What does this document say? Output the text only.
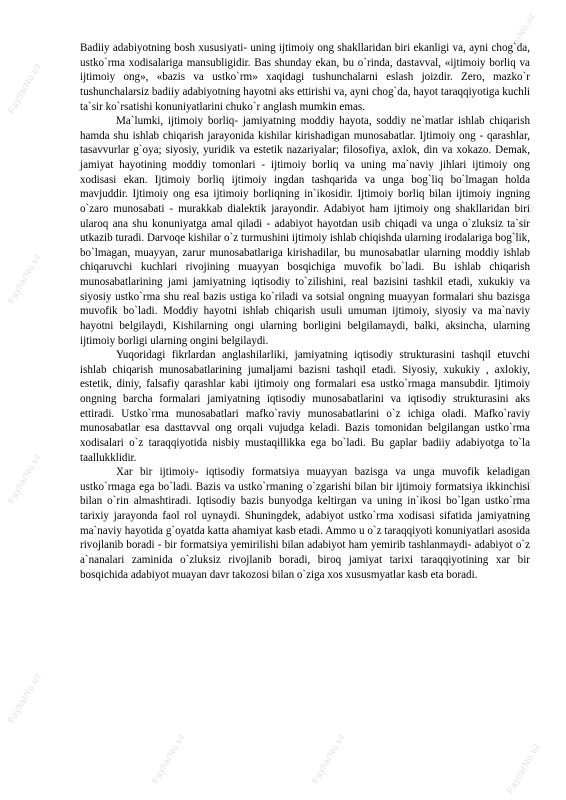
FayllarNo.uz
FayllarNo.uz
FayllarNo.uz
FayllarNo.uz
FayllarNo.uz	FayllarNo.uz
FayllarNo.uz
FayllarNo.uz
FayllarNo.uz
FayllarNo.uz

Badiiy adabiyotning bosh xususiyati- uning ijtimoiy ong shakllaridan biri ekanligi va, ayni chog`da, ustko`rma xodisalariga mansubligidir. Bas shunday ekan, bu o`rinda, dastavval, «ijtimoiy borliq va ijtimoiy ong», «bazis va ustko`rm» xaqidagi tushunchalarni eslash joizdir. Zero, mazko`r tushunchalarsiz badiiy adabiyotning hayotni aks ettirishi va, ayni chog`da, hayot taraqqiyotiga kuchli ta`sir ko`rsatishi konuniyatlarini chuko`r anglash mumkin emas.

Ma`lumki, ijtimoiy borliq- jamiyatning moddiy hayota, soddiy ne`matlar ishlab chiqarish hamda shu ishlab chiqarish jarayonida kishilar kirishadigan munosabatlar. Ijtimoiy ong - qarashlar, tasavvurlar g`oya; siyosiy, yuridik va estetik nazariyalar; filosofiya, axlok, din va xokazo. Demak, jamiyat hayotining moddiy tomonlari - ijtimoiy borliq va uning ma`naviy jihlari ijtimoiy ong xodisasi ekan. Ijtimoiy borliq ijtimoiy ingdan tashqarida va unga bog`liq bo`lmagan holda mavjuddir. Ijtimoiy ong esa ijtimoiy borliqning in`ikosidir. Ijtimoiy borliq bilan ijtimoiy ingning o`zaro munosabati - murakkab dialektik jarayondir. Adabiyot ham ijtimoiy ong shakllaridan biri ularoq ana shu konuniyatga amal qiladi - adabiyot hayotdan usib chiqadi va unga o`zluksiz ta`sir utkazib turadi. Darvoqe kishilar o`z turmushini ijtimoiy ishlab chiqishda ularning irodalariga bog`lik, bo`lmagan, muayyan, zarur munosabatlariga kirishadilar, bu munosabatlar ularning moddiy ishlab chiqaruvchi kuchlari rivojining muayyan bosqichiga muvofik bo`ladi. Bu ishlab chiqarish munosabatlarining jami jamiyatning iqtisodiy to`zilishini, real bazisini tashkil etadi, xukukiy va siyosiy ustko`rma shu real bazis ustiga ko`riladi va sotsial ongning muayyan formalari shu bazisga muvofik bo`ladi. Moddiy hayotni ishlab chiqarish usuli umuman ijtimoiy, siyosiy va ma`naviy hayotni belgilaydi, Kishilarning ongi ularning borligini belgilamaydi, balki, aksincha, ularning ijtimoiy borligi ularning ongini belgilaydi.

Yuqoridagi fikrlardan anglashilarliki, jamiyatning iqtisodiy strukturasini tashqil etuvchi ishlab chiqarish munosabatlarining jumaljami bazisni tashqil etadi. Siyosiy, xukukiy , axlokiy, estetik, diniy, falsafiy qarashlar kabi ijtimoiy ong formalari esa ustko`rmaga mansubdir. Ijtimoiy ongning barcha formalari jamiyatning iqtisodiy munosabatlarini va iqtisodiy strukturasini aks ettiradi. Ustko`rma munosabatlari mafko`raviy munosabatlarini o`z ichiga oladi. Mafko`raviy munosabatlar esa dasttavval ong orqali vujudga keladi. Bazis tomonidan belgilangan ustko`rma xodisalari o`z taraqqiyotida nisbiy mustaqillikka ega bo`ladi. Bu gaplar badiiy adabiyotga to`la taallukklidir.

Xar bir ijtimoiy- iqtisodiy formatsiya muayyan bazisga va unga muvofik keladigan ustko`rmaga ega bo`ladi. Bazis va ustko`rmaning o`zgarishi bilan bir ijtimoiy formatsiya ikkinchisi bilan o`rin almashtiradi. Iqtisodiy bazis bunyodga keltirgan va uning in`ikosi bo`lgan ustko`rma tarixiy jarayonda faol rol uynaydi. Shuningdek, adabiyot ustko`rma xodisasi sifatida jamiyatning ma`naviy hayotida g`oyatda katta ahamiyat kasb etadi. Ammo u o`z taraqqiyoti konuniyatlari asosida rivojlanib boradi - bir formatsiya yemirilishi bilan adabiyot ham yemirib tashlanmaydi- adabiyot o`z a`nanalari zaminida o`zluksiz rivojlanib boradi, biroq jamiyat tarixi taraqqiyotining xar bir bosqichida adabiyot muayan davr takozosi bilan o`ziga xos xususmyatlar kasb eta boradi.
